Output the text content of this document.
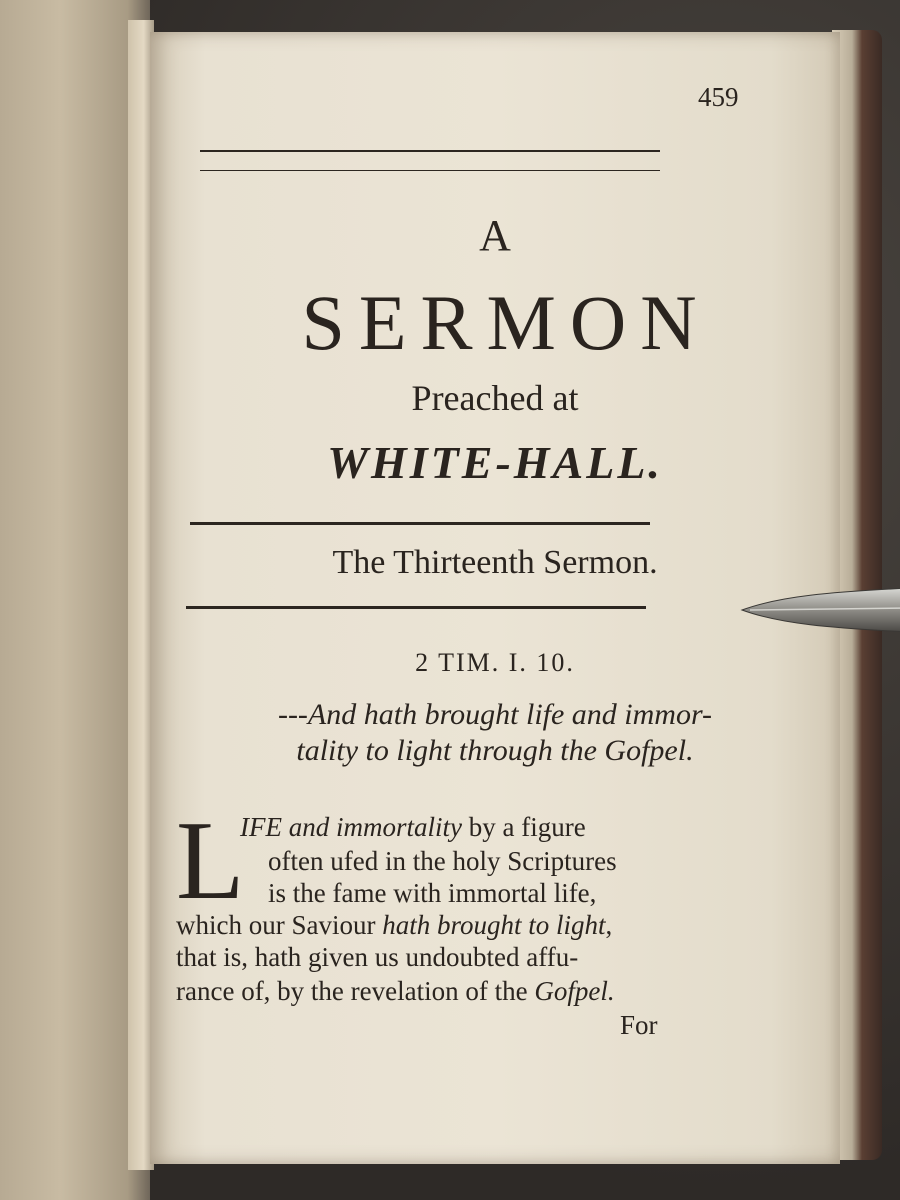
459
A
SERMON
Preached at
WHITE-HALL.
The Thirteenth Sermon.
2 TIM. I. 10.
---And hath brought life and immor-
tality to light through the Gofpel.
L
IFE and immortality by a figure
often ufed in the holy Scriptures
is the fame with immortal life,
which our Saviour hath brought to light,
that is, hath given us undoubted affu-
rance of, by the revelation of the Gofpel.
For
